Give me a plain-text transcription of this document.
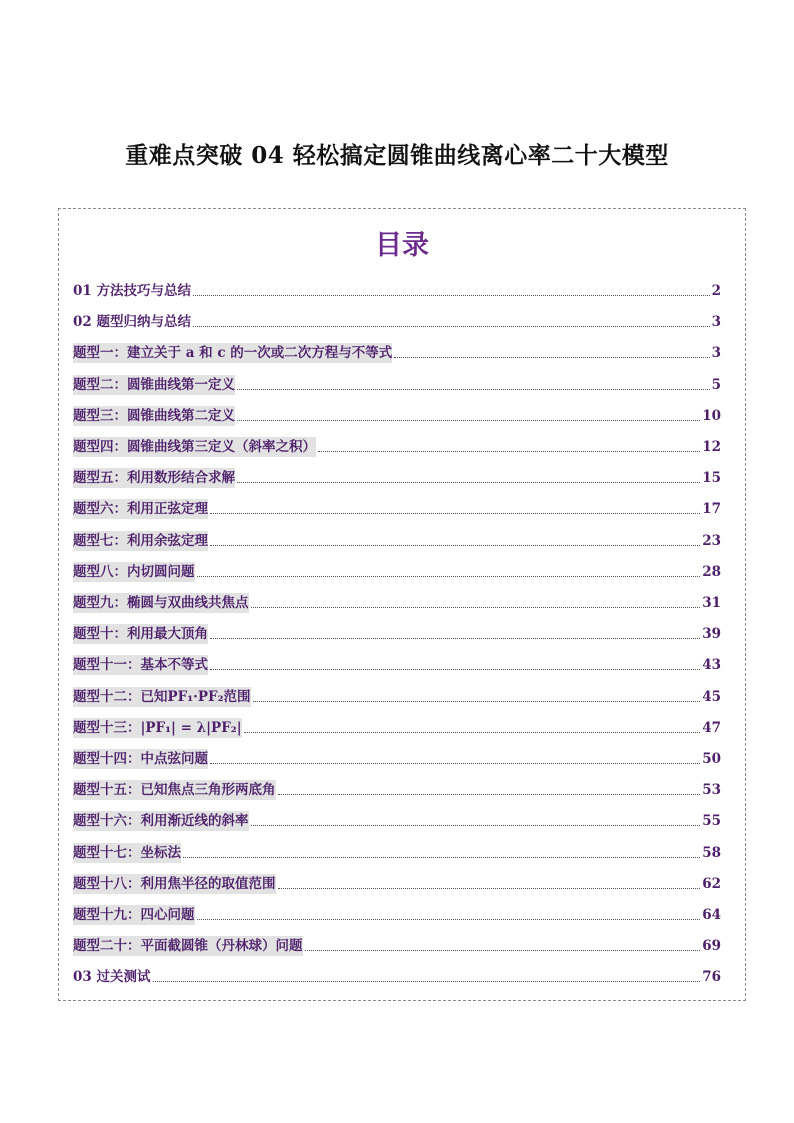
重难点突破 04 轻松搞定圆锥曲线离心率二十大模型
目录
01 方法技巧与总结	2
02 题型归纳与总结	3
题型一：建立关于 a 和 c 的一次或二次方程与不等式	3
题型二：圆锥曲线第一定义	5
题型三：圆锥曲线第二定义	10
题型四：圆锥曲线第三定义（斜率之积）	12
题型五：利用数形结合求解	15
题型六：利用正弦定理	17
题型七：利用余弦定理	23
题型八：内切圆问题	28
题型九：椭圆与双曲线共焦点	31
题型十：利用最大顶角	39
题型十一：基本不等式	43
题型十二：已知PF₁·PF₂范围	45
题型十三：|PF₁| = λ|PF₂|	47
题型十四：中点弦问题	50
题型十五：已知焦点三角形两底角	53
题型十六：利用渐近线的斜率	55
题型十七：坐标法	58
题型十八：利用焦半径的取值范围	62
题型十九：四心问题	64
题型二十：平面截圆锥（丹林球）问题	69
03 过关测试	76
